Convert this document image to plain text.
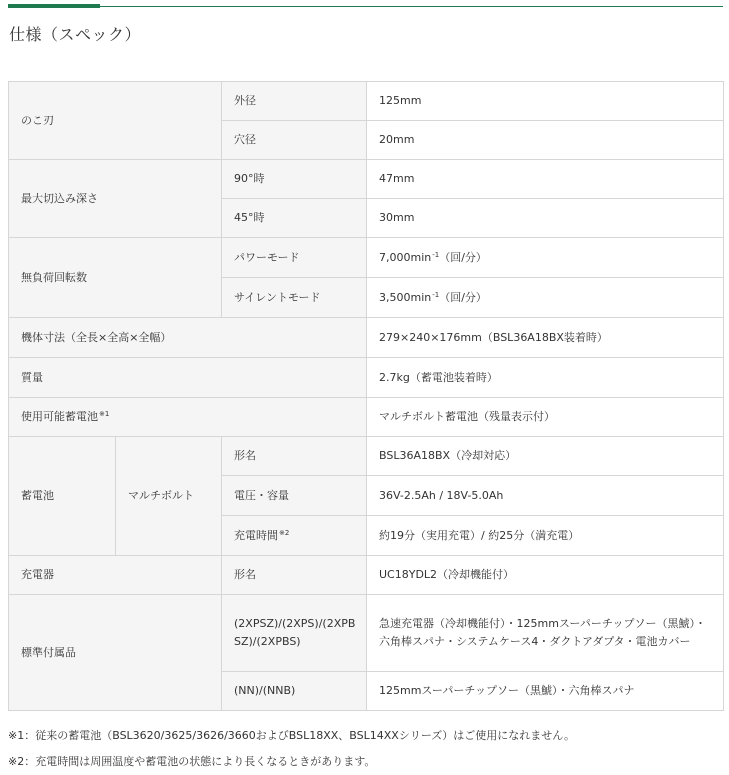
仕様（スペック）
のこ刃		外径	125mm
		穴径	20mm
最大切込み深さ		90°時	47mm
		45°時	30mm
無負荷回転数		パワーモード	$7,000\min^{-1}$（回/分）
		サイレントモード	$3,500\min^{-1}$（回/分）
機体寸法（全長×全高×全幅）			279×240×176mm（BSL36A18BX装着時）
質量			2.7kg（蓄電池装着時）
使用可能蓄電池$^{※1}$			マルチボルト蓄電池（残量表示付）
蓄電池	マルチボルト	形名	BSL36A18BX（冷却対応）
		電圧・容量	36V-2.5Ah / 18V-5.0Ah
		充電時間$^{※2}$	約19分（実用充電）/ 約25分（満充電）
充電器		形名	UC18YDL2（冷却機能付）
標準付属品		(2XPSZ)/(2XPS)/(2XPBSZ)/(2XPBS)	急速充電器（冷却機能付）・125mmスーパーチップソー（黒鯱）・六角棒スパナ・システムケース4・ダクトアダプタ・電池カバー
		(NN)/(NNB)	125mmスーパーチップソー（黒鯱）・六角棒スパナ
※1：従来の蓄電池（BSL3620/3625/3626/3660およびBSL18XX、BSL14XXシリーズ）はご使用になれません。
※2：充電時間は周囲温度や蓄電池の状態により長くなるときがあります。
